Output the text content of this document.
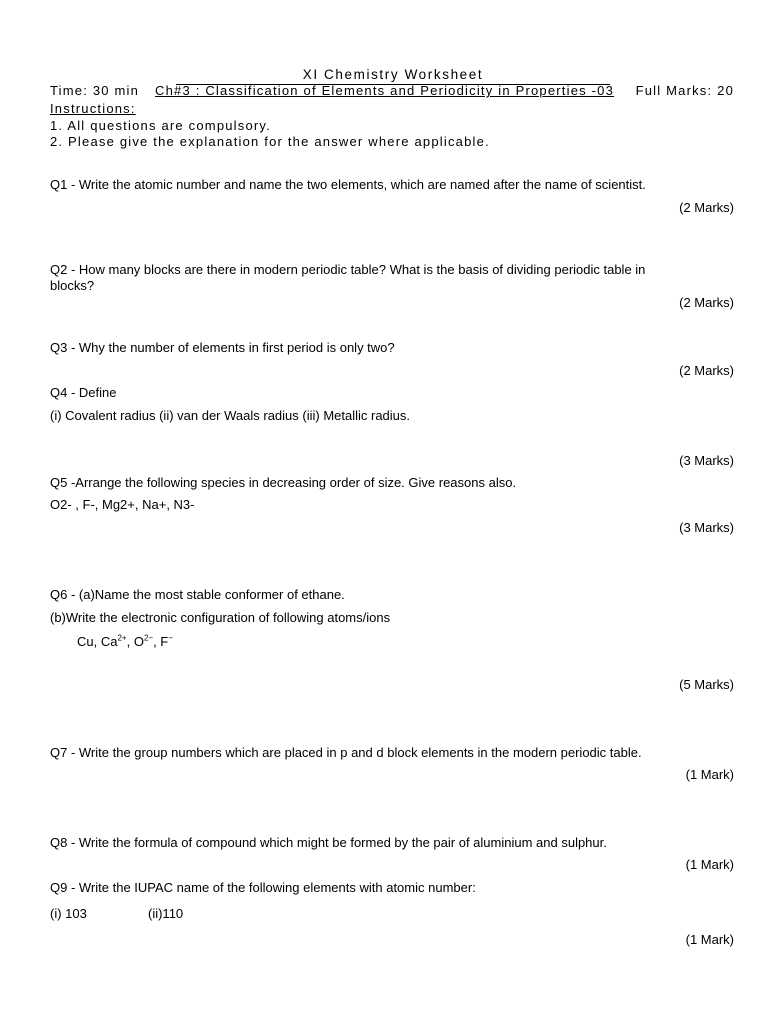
XI Chemistry Worksheet
Time: 30 min Ch#3 : Classification of Elements and Periodicity in Properties -03 Full Marks: 20
Instructions:
1. All questions are compulsory.
2. Please give the explanation for the answer where applicable.
Q1 - Write the atomic number and name the two elements, which are named after the name of scientist.
(2 Marks)
Q2 - How many blocks are there in modern periodic table? What is the basis of dividing periodic table in
blocks?
(2 Marks)
Q3 - Why the number of elements in first period is only two?
(2 Marks)
Q4 - Define
(i) Covalent radius (ii) van der Waals radius (iii) Metallic radius.
(3 Marks)
Q5 -Arrange the following species in decreasing order of size. Give reasons also.
O2- , F-, Mg2+, Na+, N3-
(3 Marks)
Q6 - (a)Name the most stable conformer of ethane.
(b)Write the electronic configuration of following atoms/ions
Cu, $Ca^{2+}$, $O^{2-}$, F−
(5 Marks)
Q7 - Write the group numbers which are placed in p and d block elements in the modern periodic table.
(1 Mark)
Q8 - Write the formula of compound which might be formed by the pair of aluminium and sulphur.
(1 Mark)
Q9 - Write the IUPAC name of the following elements with atomic number:
(i) 103	(ii)110
(1 Mark)
